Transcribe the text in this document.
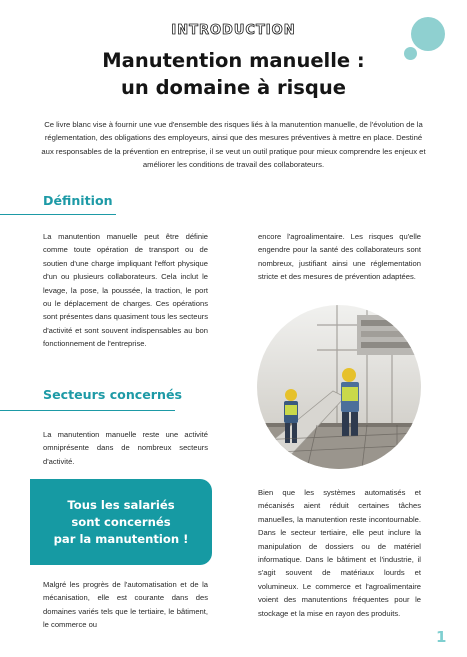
INTRODUCTION
Manutention manuelle :
un domaine à risque
Ce livre blanc vise à fournir une vue d'ensemble des risques liés à la manutention manuelle, de l'évolution de la réglementation, des obligations des employeurs, ainsi que des mesures préventives à mettre en place. Destiné aux responsables de la prévention en entreprise, il se veut un outil pratique pour mieux comprendre les enjeux et améliorer les conditions de travail des collaborateurs.
Définition
La manutention manuelle peut être définie comme toute opération de transport ou de soutien d'une charge impliquant l'effort physique d'un ou plusieurs collaborateurs. Cela inclut le levage, la pose, la poussée, la traction, le port ou le déplacement de charges. Ces opérations sont présentes dans quasiment tous les secteurs d'activité et sont souvent indispensables au bon fonctionnement de l'entreprise.
encore l'agroalimentaire. Les risques qu'elle engendre pour la santé des collaborateurs sont nombreux, justifiant ainsi une réglementation stricte et des mesures de prévention adaptées.
Secteurs concernés
La manutention manuelle reste une activité omniprésente dans de nombreux secteurs d'activité.
Tous les salariés
sont concernés
par la manutention !
Malgré les progrès de l'automatisation et de la mécanisation, elle est courante dans des domaines variés tels que le tertiaire, le bâtiment, le commerce ou
Bien que les systèmes automatisés et mécanisés aient réduit certaines tâches manuelles, la manutention reste incontournable. Dans le secteur tertiaire, elle peut inclure la manipulation de dossiers ou de matériel informatique. Dans le bâtiment et l'industrie, il s'agit souvent de matériaux lourds et volumineux. Le commerce et l'agroalimentaire voient des manutentions fréquentes pour le stockage et la mise en rayon des produits.
1
